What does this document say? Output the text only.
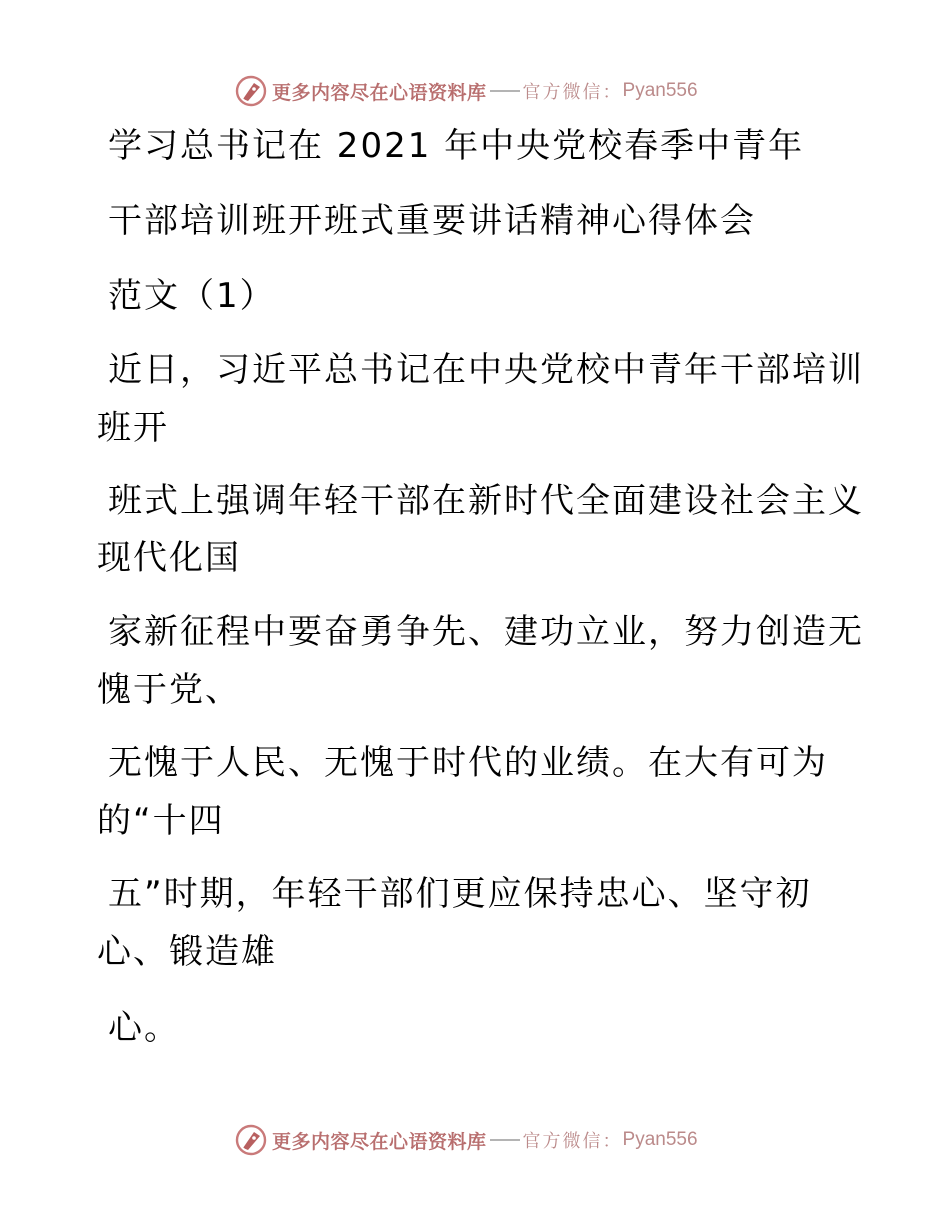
更多内容尽在心语资料库 官方微信： Pyan556

学习总书记在 2021 年中央党校春季中青年

干部培训班开班式重要讲话精神心得体会

范文（1）

近日，习近平总书记在中央党校中青年干部培训

班开

班式上强调年轻干部在新时代全面建设社会主义

现代化国

家新征程中要奋勇争先、建功立业，努力创造无

愧于党、

无愧于人民、无愧于时代的业绩。在大有可为

的“十四

五”时期，年轻干部们更应保持忠心、坚守初

心、锻造雄

心。

更多内容尽在心语资料库 官方微信： Pyan556
